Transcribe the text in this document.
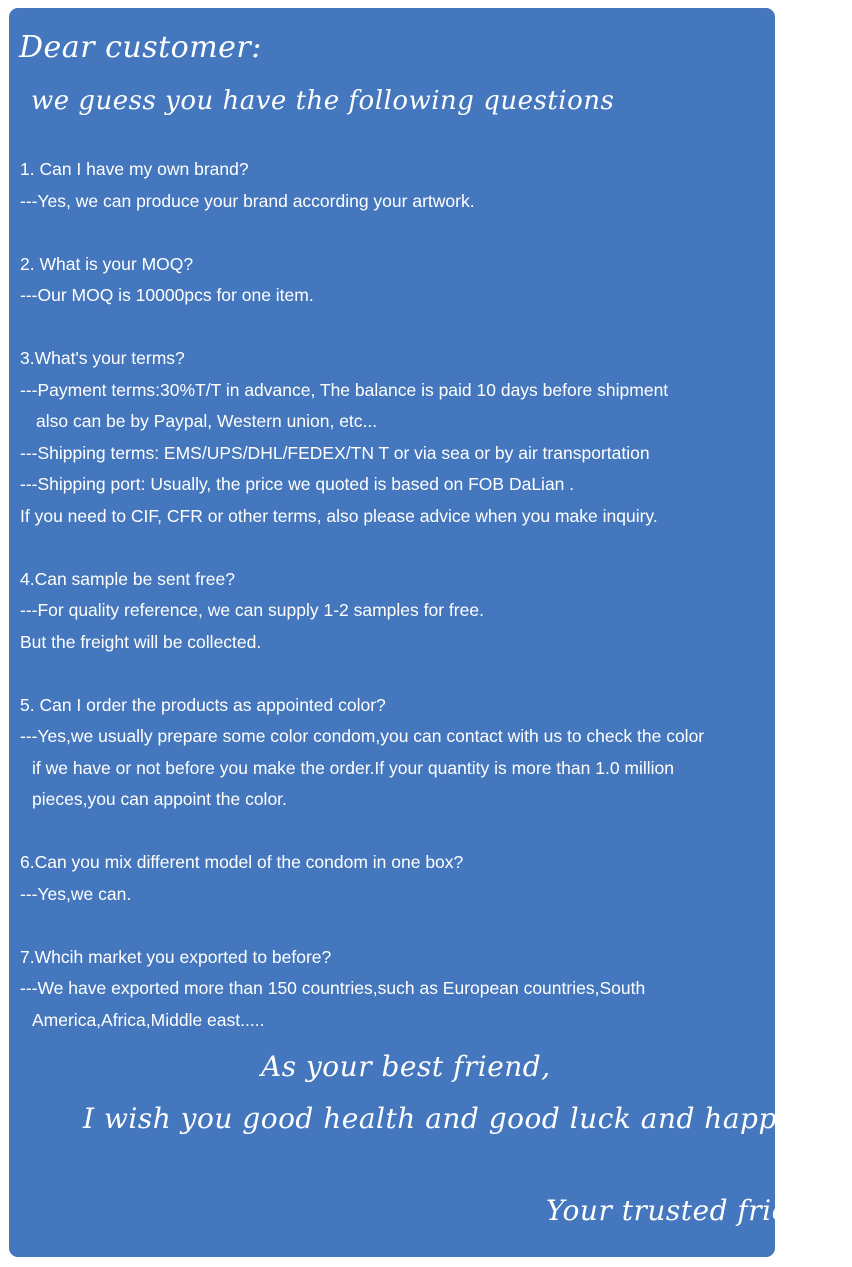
Dear customer:
we guess you have the following questions
1. Can I have my own brand?
---Yes, we can produce your brand according your artwork.
2. What is your MOQ?
---Our MOQ is 10000pcs for one item.
3.What's your terms?
---Payment terms:30%T/T in advance, The balance is paid 10 days before shipment
also can be by Paypal, Western union, etc...
---Shipping terms: EMS/UPS/DHL/FEDEX/TN T or via sea or by air transportation
---Shipping port: Usually, the price we quoted is based on FOB DaLian .
If you need to CIF, CFR or other terms, also please advice when you make inquiry.
4.Can sample be sent free?
---For quality reference, we can supply 1-2 samples for free.
But the freight will be collected.
5. Can I order the products as appointed color?
---Yes,we usually prepare some color condom,you can contact with us to check the color
if we have or not before you make the order.If your quantity is more than 1.0 million
pieces,you can appoint the color.
6.Can you mix different model of the condom in one box?
---Yes,we can.
7.Whcih market you exported to before?
---We have exported more than 150 countries,such as European countries,South
America,Africa,Middle east.....
As your best friend,
I wish you good health and good luck and happiness
Your trusted friend
